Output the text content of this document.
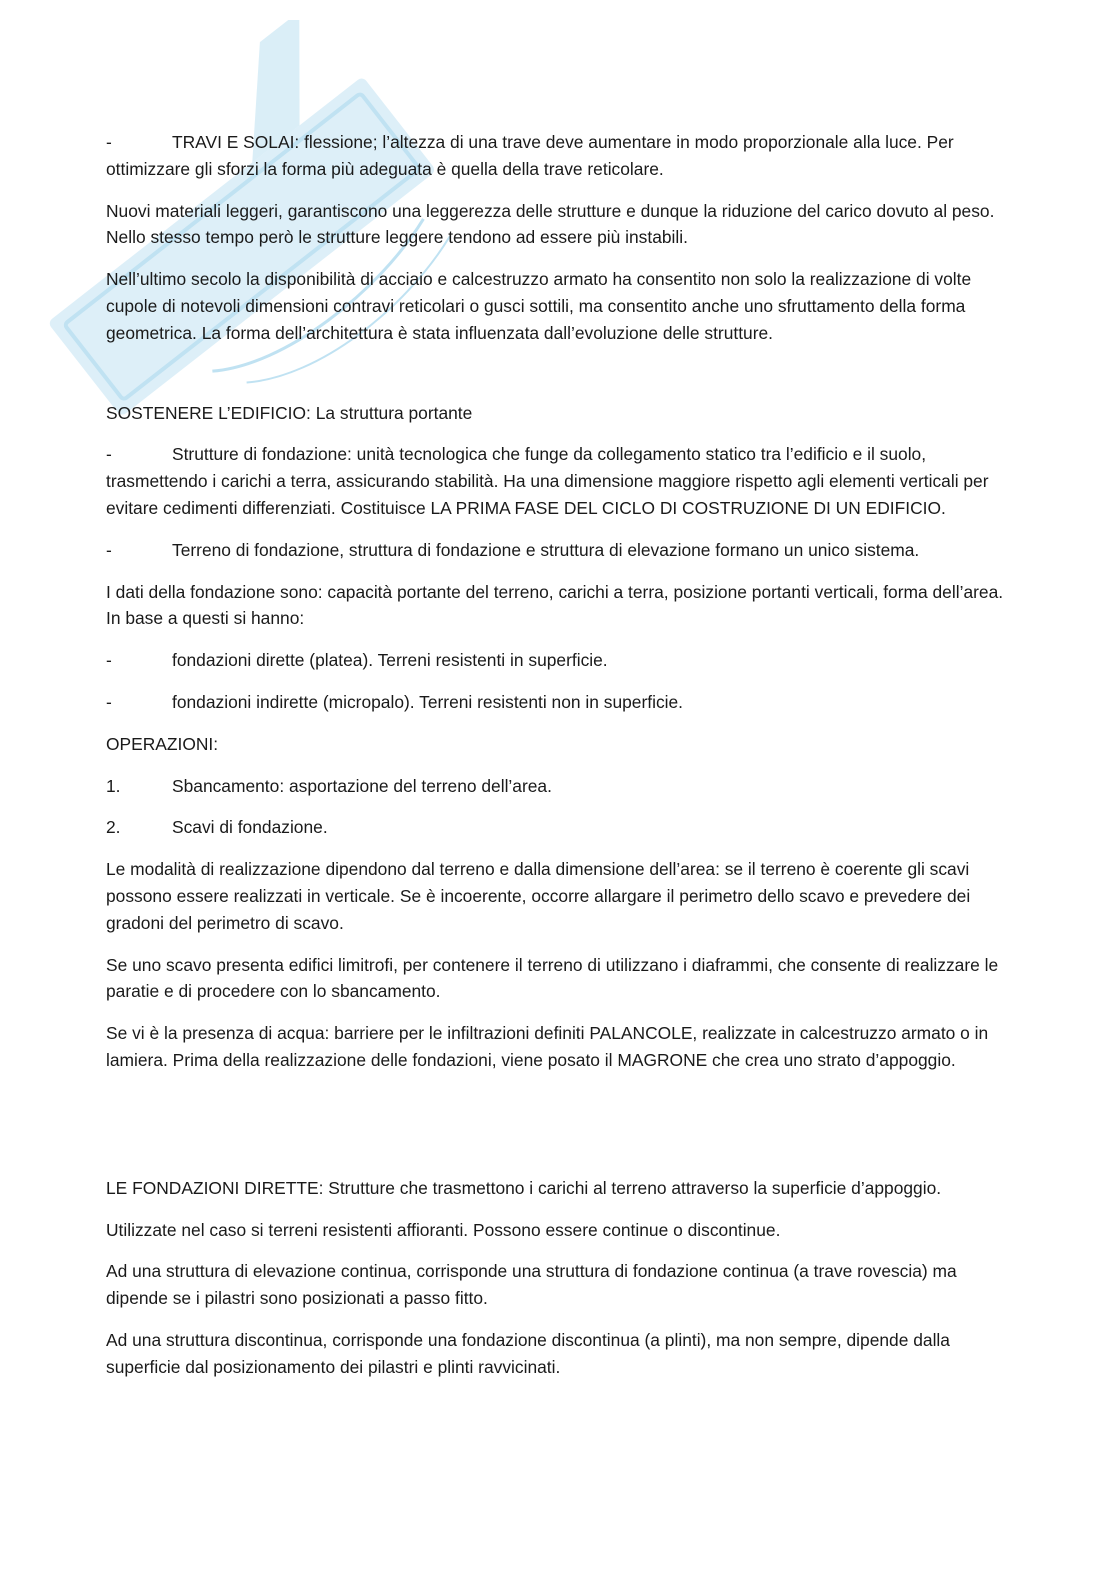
-	TRAVI E SOLAI: flessione; l’altezza di una trave deve aumentare in modo proporzionale alla luce. Per ottimizzare gli sforzi la forma più adeguata è quella della trave reticolare.
Nuovi materiali leggeri, garantiscono una leggerezza delle strutture e dunque la riduzione del carico dovuto al peso. Nello stesso tempo però le strutture leggere tendono ad essere più instabili.
Nell’ultimo secolo la disponibilità di acciaio e calcestruzzo armato ha consentito non solo la realizzazione di volte cupole di notevoli dimensioni contravi reticolari o gusci sottili, ma consentito anche uno sfruttamento della forma geometrica. La forma dell’architettura è stata influenzata dall’evoluzione delle strutture.
SOSTENERE L’EDIFICIO: La struttura portante
-	Strutture di fondazione: unità tecnologica che funge da collegamento statico tra l’edificio e il suolo, trasmettendo i carichi a terra, assicurando stabilità. Ha una dimensione maggiore rispetto agli elementi verticali per evitare cedimenti differenziati. Costituisce LA PRIMA FASE DEL CICLO DI COSTRUZIONE DI UN EDIFICIO.
-	Terreno di fondazione, struttura di fondazione e struttura di elevazione formano un unico sistema.
I dati della fondazione sono: capacità portante del terreno, carichi a terra, posizione portanti verticali, forma dell’area. In base a questi si hanno:
-	fondazioni dirette (platea). Terreni resistenti in superficie.
-	fondazioni indirette (micropalo). Terreni resistenti non in superficie.
OPERAZIONI:
1.	Sbancamento: asportazione del terreno dell’area.
2.	Scavi di fondazione.
Le modalità di realizzazione dipendono dal terreno e dalla dimensione dell’area: se il terreno è coerente gli scavi possono essere realizzati in verticale. Se è incoerente, occorre allargare il perimetro dello scavo e prevedere dei gradoni del perimetro di scavo.
Se uno scavo presenta edifici limitrofi, per contenere il terreno di utilizzano i diaframmi, che consente di realizzare le paratie e di procedere con lo sbancamento.
Se vi è la presenza di acqua: barriere per le infiltrazioni definiti PALANCOLE, realizzate in calcestruzzo armato o in lamiera. Prima della realizzazione delle fondazioni, viene posato il MAGRONE che crea uno strato d’appoggio.
LE FONDAZIONI DIRETTE: Strutture che trasmettono i carichi al terreno attraverso la superficie d’appoggio.
Utilizzate nel caso si terreni resistenti affioranti. Possono essere continue o discontinue.
Ad una struttura di elevazione continua, corrisponde una struttura di fondazione continua (a trave rovescia) ma dipende se i pilastri sono posizionati a passo fitto.
Ad una struttura discontinua, corrisponde una fondazione discontinua (a plinti), ma non sempre, dipende dalla superficie dal posizionamento dei pilastri e plinti ravvicinati.
